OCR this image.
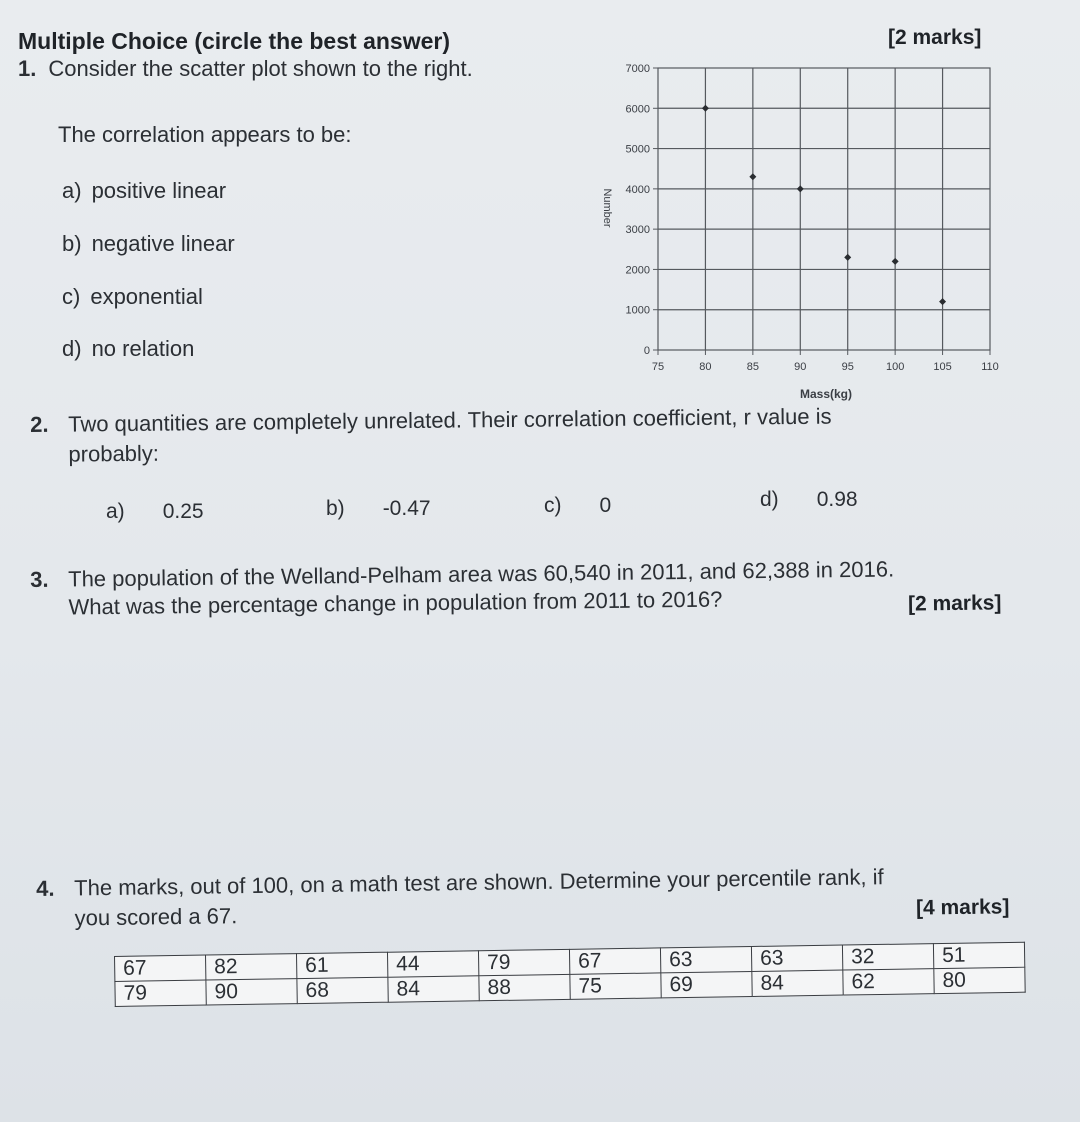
Multiple Choice (circle the best answer)	[2 marks]
1. Consider the scatter plot shown to the right.
The correlation appears to be:
a) positive linear
b) negative linear
c) exponential
d) no relation	0
1000
2000
3000
4000
5000
6000
7000
75	80	85	90	95	100	105	110
Number
Mass(kg)
2. Two quantities are completely unrelated. Their correlation coefficient, r value is
probably:
a) 0.25	b) -0.47	c) 0	d) 0.98
3. The population of the Welland-Pelham area was 60,540 in 2011, and 62,388 in 2016.
What was the percentage change in population from 2011 to 2016?	[2 marks]
4. The marks, out of 100, on a math test are shown. Determine your percentile rank, if
you scored a 67.	[4 marks]
67	82	61	44	79	67	63	63	32	51
79	90	68	84	88	75	69	84	62	80
